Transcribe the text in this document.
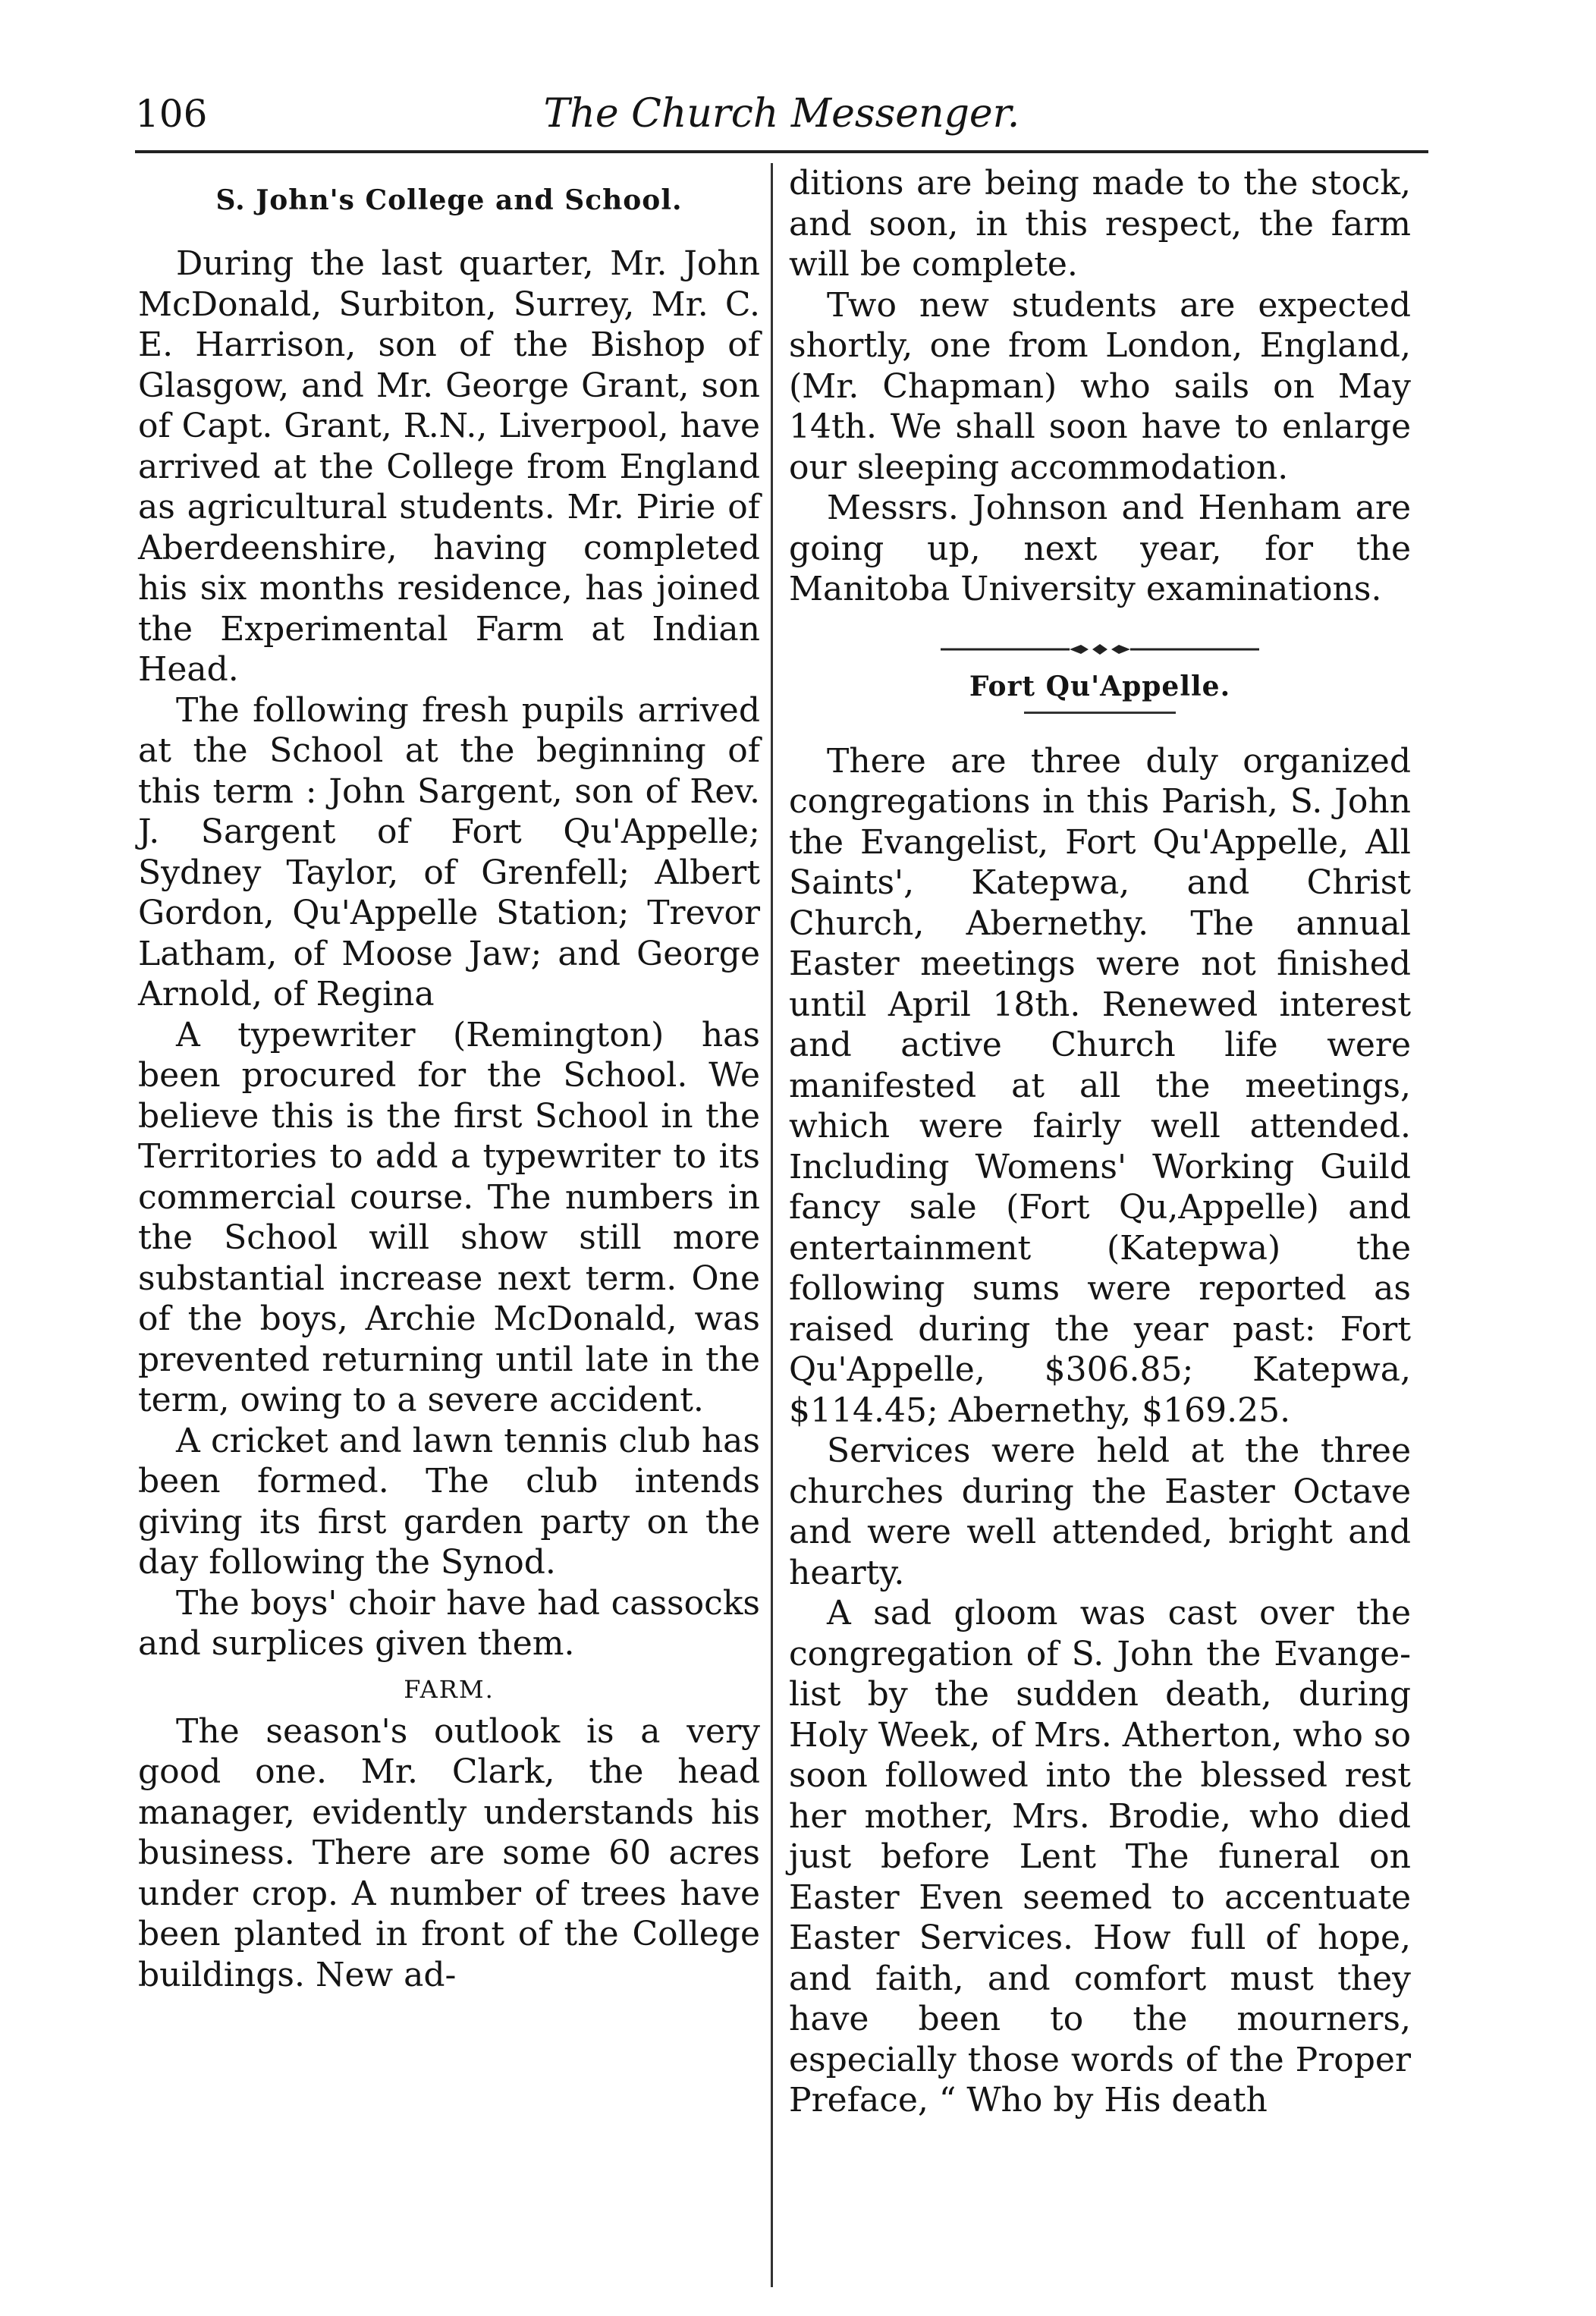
106	The Church Messenger.
S. John's College and School.

During the last quarter, Mr. John McDonald, Surbiton, Surrey, Mr. C. E. Harrison, son of the Bishop of Glasgow, and Mr. George Grant, son of Capt. Grant, R.N., Liverpool, have arrived at the College from England as agricultural students. Mr. Pirie of Aberdeenshire, having completed his six months residence, has joined the Experimental Farm at Indian Head.

The following fresh pupils arrived at the School at the beginning of this term : John Sargent, son of Rev. J. Sargent of Fort Qu'Appelle; Sydney Taylor, of Grenfell; Albert Gordon, Qu'Appelle Station; Trevor Latham, of Moose Jaw; and George Arnold, of Regina

A typewriter (Remington) has been procured for the School. We believe this is the first School in the Territories to add a typewriter to its commercial course. The numbers in the School will show still more substantial increase next term. One of the boys, Archie McDonald, was prevented returning until late in the term, owing to a severe accident.

A cricket and lawn tennis club has been formed. The club intends giving its first garden party on the day following the Synod.

The boys' choir have had cassocks and surplices given them.

FARM.

The season's outlook is a very good one. Mr. Clark, the head manager, evidently understands his business. There are some 60 acres under crop. A number of trees have been planted in front of the College buildings. New ad-

ditions are being made to the stock, and soon, in this respect, the farm will be complete.

Two new students are expected shortly, one from London, England, (Mr. Chapman) who sails on May 14th. We shall soon have to enlarge our sleeping accommodation.

Messrs. Johnson and Henham are going up, next year, for the Manitoba University examinations.

Fort Qu'Appelle.

There are three duly organized congregations in this Parish, S. John the Evangelist, Fort Qu'Appelle, All Saints', Katepwa, and Christ Church, Abernethy. The annual Easter meetings were not finished until April 18th. Renewed interest and active Church life were manifested at all the meetings, which were fairly well attended. Including Womens' Working Guild fancy sale (Fort Qu,Appelle) and entertainment (Katepwa) the following sums were reported as raised during the year past: Fort Qu'Appelle, $306.85; Katepwa, $114.45; Abernethy, $169.25.

Services were held at the three churches during the Easter Octave and were well attended, bright and hearty.

A sad gloom was cast over the congregation of S. John the Evangelist by the sudden death, during Holy Week, of Mrs. Atherton, who so soon followed into the blessed rest her mother, Mrs. Brodie, who died just before Lent The funeral on Easter Even seemed to accentuate Easter Services. How full of hope, and faith, and comfort must they have been to the mourners, especially those words of the Proper Preface, “ Who by His death
